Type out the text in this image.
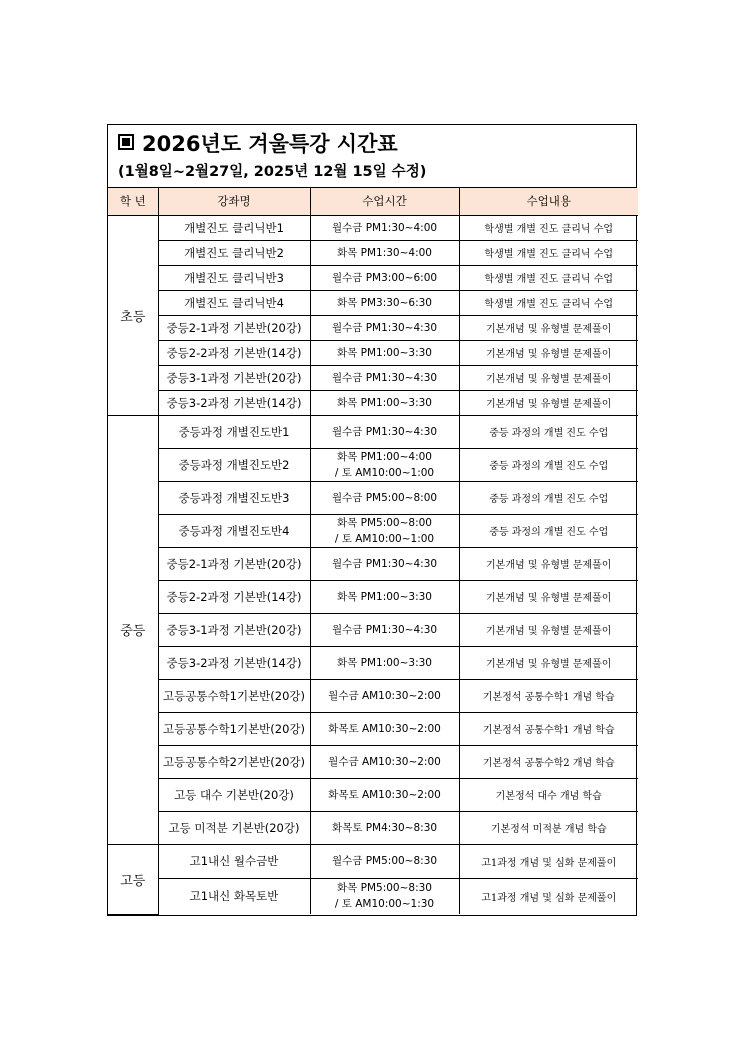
2026년도 겨울특강 시간표
(1월8일~2월27일, 2025년 12월 15일 수정)
학 년	강좌명	수업시간	수업내용
초등	개별진도 클리닉반1	월수금 PM1:30~4:00	학생별 개별 진도 클리닉 수업
	개별진도 클리닉반2	화목 PM1:30~4:00	학생별 개별 진도 클리닉 수업
	개별진도 클리닉반3	월수금 PM3:00~6:00	학생별 개별 진도 클리닉 수업
	개별진도 클리닉반4	화목 PM3:30~6:30	학생별 개별 진도 클리닉 수업
	중등2-1과정 기본반(20강)	월수금 PM1:30~4:30	기본개념 및 유형별 문제풀이
	중등2-2과정 기본반(14강)	화목 PM1:00~3:30	기본개념 및 유형별 문제풀이
	중등3-1과정 기본반(20강)	월수금 PM1:30~4:30	기본개념 및 유형별 문제풀이
	중등3-2과정 기본반(14강)	화목 PM1:00~3:30	기본개념 및 유형별 문제풀이
중등	중등과정 개별진도반1	월수금 PM1:30~4:30	중등 과정의 개별 진도 수업
	중등과정 개별진도반2	화목 PM1:00~4:00
/ 토 AM10:00~1:00	중등 과정의 개별 진도 수업
	중등과정 개별진도반3	월수금 PM5:00~8:00	중등 과정의 개별 진도 수업
	중등과정 개별진도반4	화목 PM5:00~8:00
/ 토 AM10:00~1:00	중등 과정의 개별 진도 수업
	중등2-1과정 기본반(20강)	월수금 PM1:30~4:30	기본개념 및 유형별 문제풀이
	중등2-2과정 기본반(14강)	화목 PM1:00~3:30	기본개념 및 유형별 문제풀이
	중등3-1과정 기본반(20강)	월수금 PM1:30~4:30	기본개념 및 유형별 문제풀이
	중등3-2과정 기본반(14강)	화목 PM1:00~3:30	기본개념 및 유형별 문제풀이
	고등공통수학1기본반(20강)	월수금 AM10:30~2:00	기본정석 공통수학1 개념 학습
	고등공통수학1기본반(20강)	화목토 AM10:30~2:00	기본정석 공통수학1 개념 학습
	고등공통수학2기본반(20강)	월수금 AM10:30~2:00	기본정석 공통수학2 개념 학습
	고등 대수 기본반(20강)	화목토 AM10:30~2:00	기본정석 대수 개념 학습
	고등 미적분 기본반(20강)	화목토 PM4:30~8:30	기본정석 미적분 개념 학습
고등	고1내신 월수금반	월수금 PM5:00~8:30	고1과정 개념 및 심화 문제풀이
	고1내신 화목토반	화목 PM5:00~8:30
/ 토 AM10:00~1:30	고1과정 개념 및 심화 문제풀이
